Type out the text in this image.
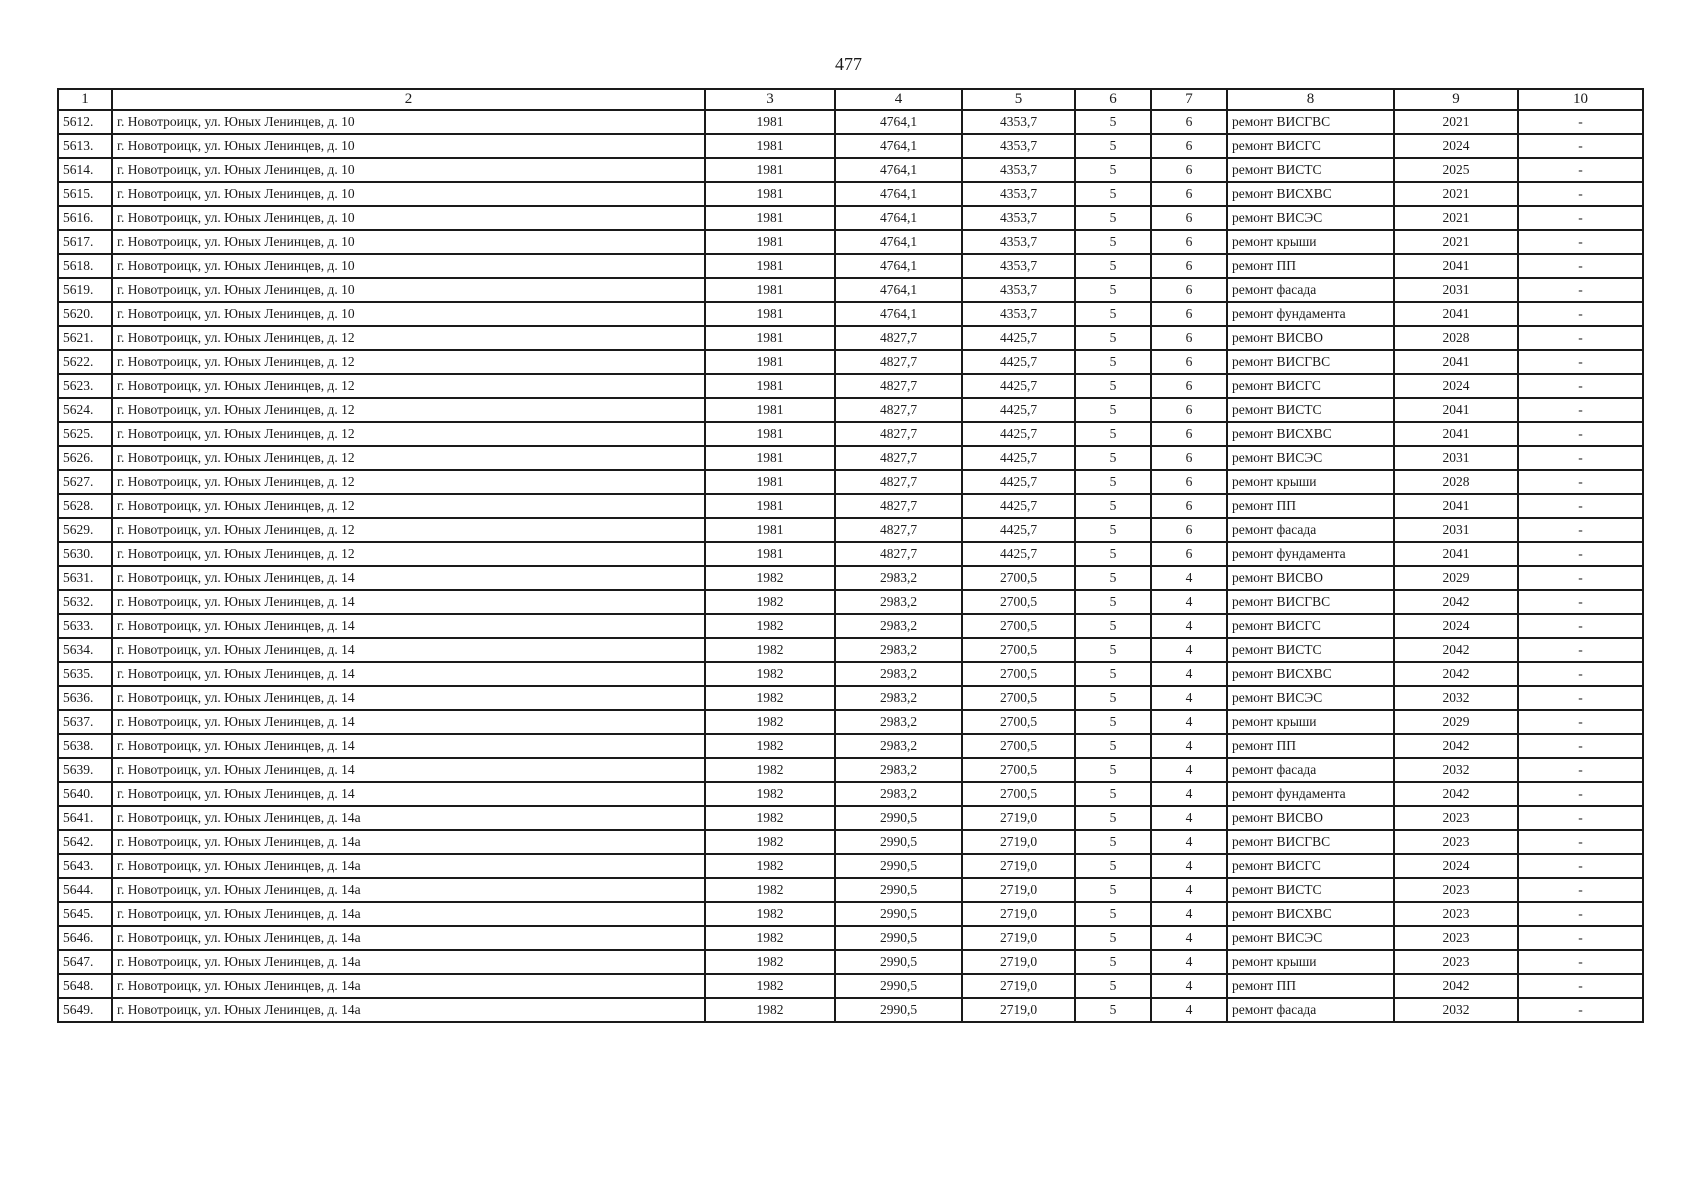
477
1	2	3	4	5	6	7	8	9	10
5612.	г. Новотроицк, ул. Юных Ленинцев, д. 10	1981	4764,1	4353,7	5	6	ремонт ВИСГВС	2021	-
5613.	г. Новотроицк, ул. Юных Ленинцев, д. 10	1981	4764,1	4353,7	5	6	ремонт ВИСГС	2024	-
5614.	г. Новотроицк, ул. Юных Ленинцев, д. 10	1981	4764,1	4353,7	5	6	ремонт ВИСТС	2025	-
5615.	г. Новотроицк, ул. Юных Ленинцев, д. 10	1981	4764,1	4353,7	5	6	ремонт ВИСХВС	2021	-
5616.	г. Новотроицк, ул. Юных Ленинцев, д. 10	1981	4764,1	4353,7	5	6	ремонт ВИСЭС	2021	-
5617.	г. Новотроицк, ул. Юных Ленинцев, д. 10	1981	4764,1	4353,7	5	6	ремонт крыши	2021	-
5618.	г. Новотроицк, ул. Юных Ленинцев, д. 10	1981	4764,1	4353,7	5	6	ремонт ПП	2041	-
5619.	г. Новотроицк, ул. Юных Ленинцев, д. 10	1981	4764,1	4353,7	5	6	ремонт фасада	2031	-
5620.	г. Новотроицк, ул. Юных Ленинцев, д. 10	1981	4764,1	4353,7	5	6	ремонт фундамента	2041	-
5621.	г. Новотроицк, ул. Юных Ленинцев, д. 12	1981	4827,7	4425,7	5	6	ремонт ВИСВО	2028	-
5622.	г. Новотроицк, ул. Юных Ленинцев, д. 12	1981	4827,7	4425,7	5	6	ремонт ВИСГВС	2041	-
5623.	г. Новотроицк, ул. Юных Ленинцев, д. 12	1981	4827,7	4425,7	5	6	ремонт ВИСГС	2024	-
5624.	г. Новотроицк, ул. Юных Ленинцев, д. 12	1981	4827,7	4425,7	5	6	ремонт ВИСТС	2041	-
5625.	г. Новотроицк, ул. Юных Ленинцев, д. 12	1981	4827,7	4425,7	5	6	ремонт ВИСХВС	2041	-
5626.	г. Новотроицк, ул. Юных Ленинцев, д. 12	1981	4827,7	4425,7	5	6	ремонт ВИСЭС	2031	-
5627.	г. Новотроицк, ул. Юных Ленинцев, д. 12	1981	4827,7	4425,7	5	6	ремонт крыши	2028	-
5628.	г. Новотроицк, ул. Юных Ленинцев, д. 12	1981	4827,7	4425,7	5	6	ремонт ПП	2041	-
5629.	г. Новотроицк, ул. Юных Ленинцев, д. 12	1981	4827,7	4425,7	5	6	ремонт фасада	2031	-
5630.	г. Новотроицк, ул. Юных Ленинцев, д. 12	1981	4827,7	4425,7	5	6	ремонт фундамента	2041	-
5631.	г. Новотроицк, ул. Юных Ленинцев, д. 14	1982	2983,2	2700,5	5	4	ремонт ВИСВО	2029	-
5632.	г. Новотроицк, ул. Юных Ленинцев, д. 14	1982	2983,2	2700,5	5	4	ремонт ВИСГВС	2042	-
5633.	г. Новотроицк, ул. Юных Ленинцев, д. 14	1982	2983,2	2700,5	5	4	ремонт ВИСГС	2024	-
5634.	г. Новотроицк, ул. Юных Ленинцев, д. 14	1982	2983,2	2700,5	5	4	ремонт ВИСТС	2042	-
5635.	г. Новотроицк, ул. Юных Ленинцев, д. 14	1982	2983,2	2700,5	5	4	ремонт ВИСХВС	2042	-
5636.	г. Новотроицк, ул. Юных Ленинцев, д. 14	1982	2983,2	2700,5	5	4	ремонт ВИСЭС	2032	-
5637.	г. Новотроицк, ул. Юных Ленинцев, д. 14	1982	2983,2	2700,5	5	4	ремонт крыши	2029	-
5638.	г. Новотроицк, ул. Юных Ленинцев, д. 14	1982	2983,2	2700,5	5	4	ремонт ПП	2042	-
5639.	г. Новотроицк, ул. Юных Ленинцев, д. 14	1982	2983,2	2700,5	5	4	ремонт фасада	2032	-
5640.	г. Новотроицк, ул. Юных Ленинцев, д. 14	1982	2983,2	2700,5	5	4	ремонт фундамента	2042	-
5641.	г. Новотроицк, ул. Юных Ленинцев, д. 14а	1982	2990,5	2719,0	5	4	ремонт ВИСВО	2023	-
5642.	г. Новотроицк, ул. Юных Ленинцев, д. 14а	1982	2990,5	2719,0	5	4	ремонт ВИСГВС	2023	-
5643.	г. Новотроицк, ул. Юных Ленинцев, д. 14а	1982	2990,5	2719,0	5	4	ремонт ВИСГС	2024	-
5644.	г. Новотроицк, ул. Юных Ленинцев, д. 14а	1982	2990,5	2719,0	5	4	ремонт ВИСТС	2023	-
5645.	г. Новотроицк, ул. Юных Ленинцев, д. 14а	1982	2990,5	2719,0	5	4	ремонт ВИСХВС	2023	-
5646.	г. Новотроицк, ул. Юных Ленинцев, д. 14а	1982	2990,5	2719,0	5	4	ремонт ВИСЭС	2023	-
5647.	г. Новотроицк, ул. Юных Ленинцев, д. 14а	1982	2990,5	2719,0	5	4	ремонт крыши	2023	-
5648.	г. Новотроицк, ул. Юных Ленинцев, д. 14а	1982	2990,5	2719,0	5	4	ремонт ПП	2042	-
5649.	г. Новотроицк, ул. Юных Ленинцев, д. 14а	1982	2990,5	2719,0	5	4	ремонт фасада	2032	-
